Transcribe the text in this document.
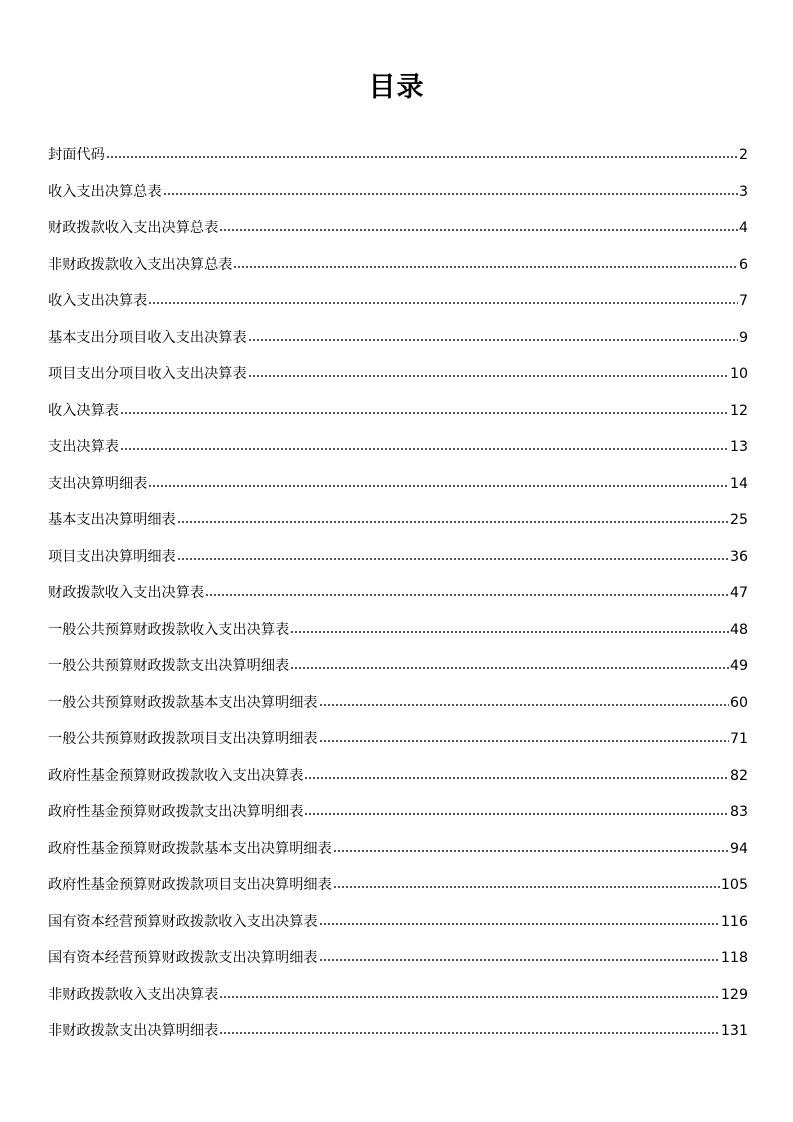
目录
封面代码	2
收入支出决算总表	3
财政拨款收入支出决算总表	4
非财政拨款收入支出决算总表	6
收入支出决算表	7
基本支出分项目收入支出决算表	9
项目支出分项目收入支出决算表	10
收入决算表	12
支出决算表	13
支出决算明细表	14
基本支出决算明细表	25
项目支出决算明细表	36
财政拨款收入支出决算表	47
一般公共预算财政拨款收入支出决算表	48
一般公共预算财政拨款支出决算明细表	49
一般公共预算财政拨款基本支出决算明细表	60
一般公共预算财政拨款项目支出决算明细表	71
政府性基金预算财政拨款收入支出决算表	82
政府性基金预算财政拨款支出决算明细表	83
政府性基金预算财政拨款基本支出决算明细表	94
政府性基金预算财政拨款项目支出决算明细表	105
国有资本经营预算财政拨款收入支出决算表	116
国有资本经营预算财政拨款支出决算明细表	118
非财政拨款收入支出决算表	129
非财政拨款支出决算明细表	131
